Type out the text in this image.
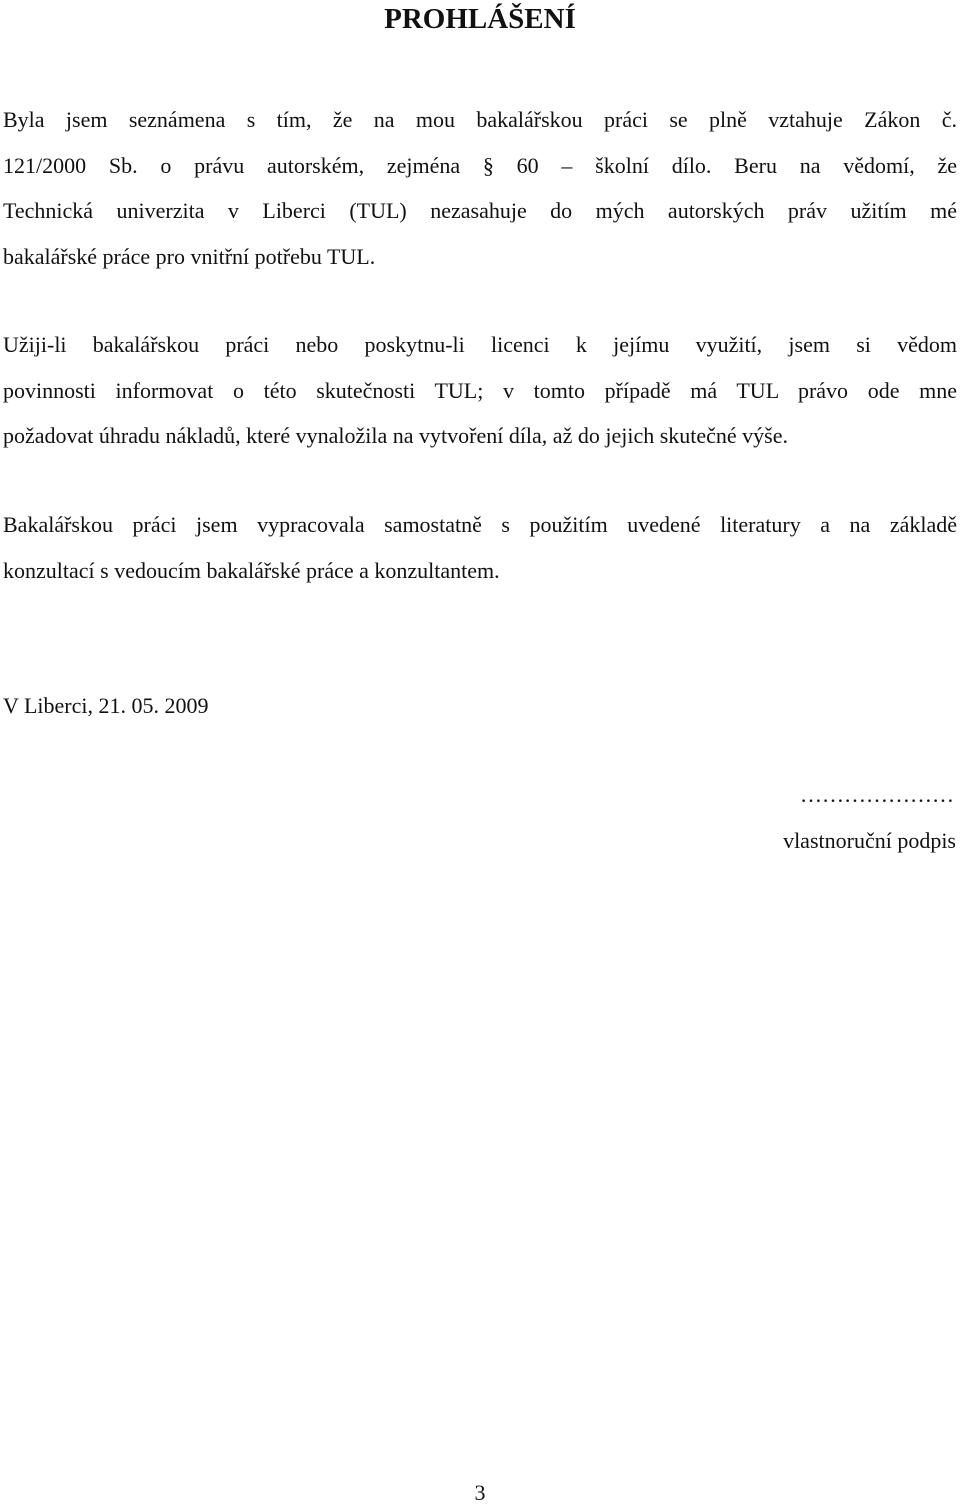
PROHLÁŠENÍ

Byla jsem seznámena s tím, že na mou bakalářskou práci se plně vztahuje Zákon č.
121/2000 Sb. o právu autorském, zejména § 60 – školní dílo. Beru na vědomí, že
Technická univerzita v Liberci (TUL) nezasahuje do mých autorských práv užitím mé
bakalářské práce pro vnitřní potřebu TUL.

Užiji-li bakalářskou práci nebo poskytnu-li licenci k jejímu využití, jsem si vědom
povinnosti informovat o této skutečnosti TUL; v tomto případě má TUL právo ode mne
požadovat úhradu nákladů, které vynaložila na vytvoření díla, až do jejich skutečné výše.

Bakalářskou práci jsem vypracovala samostatně s použitím uvedené literatury a na základě
konzultací s vedoucím bakalářské práce a konzultantem.

V Liberci, 21. 05. 2009

…………………

vlastnoruční podpis

3
